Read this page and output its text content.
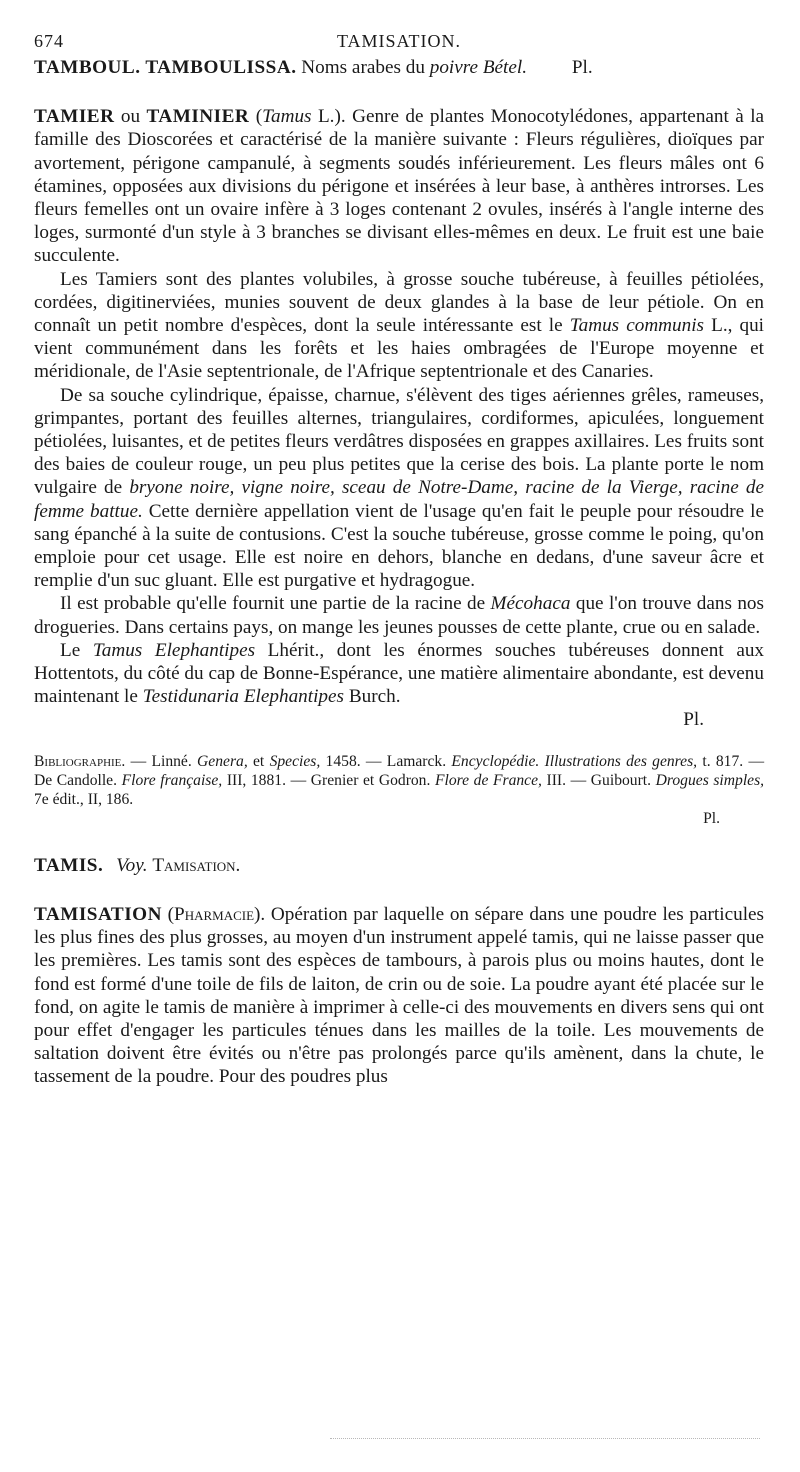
674	TAMISATION.

TAMBOUL. TAMBOULISSA. Noms arabes du poivre Bétel. Pl.

TAMIER ou TAMINIER (Tamus L.). Genre de plantes Monocotylédones, appartenant à la famille des Dioscorées et caractérisé de la manière suivante : Fleurs régulières, dioïques par avortement, périgone campanulé, à segments soudés inférieurement. Les fleurs mâles ont 6 étamines, opposées aux divisions du périgone et insérées à leur base, à anthères introrses. Les fleurs femelles ont un ovaire infère à 3 loges contenant 2 ovules, insérés à l'angle interne des loges, surmonté d'un style à 3 branches se divisant elles-mêmes en deux. Le fruit est une baie succulente.

Les Tamiers sont des plantes volubiles, à grosse souche tubéreuse, à feuilles pétiolées, cordées, digitinerviées, munies souvent de deux glandes à la base de leur pétiole. On en connaît un petit nombre d'espèces, dont la seule intéressante est le Tamus communis L., qui vient communément dans les forêts et les haies ombragées de l'Europe moyenne et méridionale, de l'Asie septentrionale, de l'Afrique septentrionale et des Canaries.

De sa souche cylindrique, épaisse, charnue, s'élèvent des tiges aériennes grêles, rameuses, grimpantes, portant des feuilles alternes, triangulaires, cordiformes, apiculées, longuement pétiolées, luisantes, et de petites fleurs verdâtres disposées en grappes axillaires. Les fruits sont des baies de couleur rouge, un peu plus petites que la cerise des bois. La plante porte le nom vulgaire de bryone noire, vigne noire, sceau de Notre-Dame, racine de la Vierge, racine de femme battue. Cette dernière appellation vient de l'usage qu'en fait le peuple pour résoudre le sang épanché à la suite de contusions. C'est la souche tubéreuse, grosse comme le poing, qu'on emploie pour cet usage. Elle est noire en dehors, blanche en dedans, d'une saveur âcre et remplie d'un suc gluant. Elle est purgative et hydragogue.

Il est probable qu'elle fournit une partie de la racine de Mécohaca que l'on trouve dans nos drogueries. Dans certains pays, on mange les jeunes pousses de cette plante, crue ou en salade.

Le Tamus Elephantipes Lhérit., dont les énormes souches tubéreuses donnent aux Hottentots, du côté du cap de Bonne-Espérance, une matière alimentaire abondante, est devenu maintenant le Testidunaria Elephantipes Burch.

Pl.

Bibliographie. — Linné. Genera, et Species, 1458. — Lamarck. Encyclopédie. Illustrations des genres, t. 817. — De Candolle. Flore française, III, 1881. — Grenier et Godron. Flore de France, III. — Guibourt. Drogues simples, 7e édit., II, 186.

Pl.

TAMIS. Voy. Tamisation.

TAMISATION (Pharmacie). Opération par laquelle on sépare dans une poudre les particules les plus fines des plus grosses, au moyen d'un instrument appelé tamis, qui ne laisse passer que les premières. Les tamis sont des espèces de tambours, à parois plus ou moins hautes, dont le fond est formé d'une toile de fils de laiton, de crin ou de soie. La poudre ayant été placée sur le fond, on agite le tamis de manière à imprimer à celle-ci des mouvements en divers sens qui ont pour effet d'engager les particules ténues dans les mailles de la toile. Les mouvements de saltation doivent être évités ou n'être pas prolongés parce qu'ils amènent, dans la chute, le tassement de la poudre. Pour des poudres plus
